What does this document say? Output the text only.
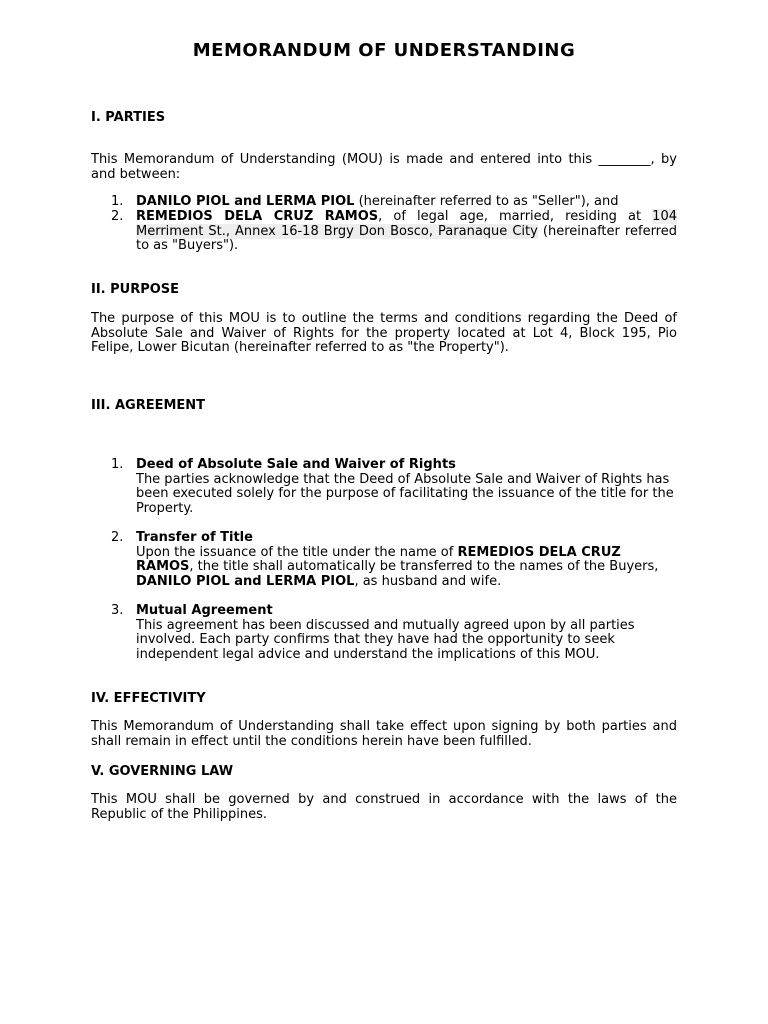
MEMORANDUM OF UNDERSTANDING
I. PARTIES
This Memorandum of Understanding (MOU) is made and entered into this ________, by and between:
1. DANILO PIOL and LERMA PIOL (hereinafter referred to as "Seller"), and
2. REMEDIOS DELA CRUZ RAMOS, of legal age, married, residing at 104 Merriment St., Annex 16-18 Brgy Don Bosco, Paranaque City (hereinafter referred to as "Buyers").
II. PURPOSE
The purpose of this MOU is to outline the terms and conditions regarding the Deed of Absolute Sale and Waiver of Rights for the property located at Lot 4, Block 195, Pio Felipe, Lower Bicutan (hereinafter referred to as "the Property").
III. AGREEMENT
1. Deed of Absolute Sale and Waiver of Rights
The parties acknowledge that the Deed of Absolute Sale and Waiver of Rights has been executed solely for the purpose of facilitating the issuance of the title for the Property.
2. Transfer of Title
Upon the issuance of the title under the name of REMEDIOS DELA CRUZ RAMOS, the title shall automatically be transferred to the names of the Buyers, DANILO PIOL and LERMA PIOL, as husband and wife.
3. Mutual Agreement
This agreement has been discussed and mutually agreed upon by all parties involved. Each party confirms that they have had the opportunity to seek independent legal advice and understand the implications of this MOU.
IV. EFFECTIVITY
This Memorandum of Understanding shall take effect upon signing by both parties and shall remain in effect until the conditions herein have been fulfilled.
V. GOVERNING LAW
This MOU shall be governed by and construed in accordance with the laws of the Republic of the Philippines.
